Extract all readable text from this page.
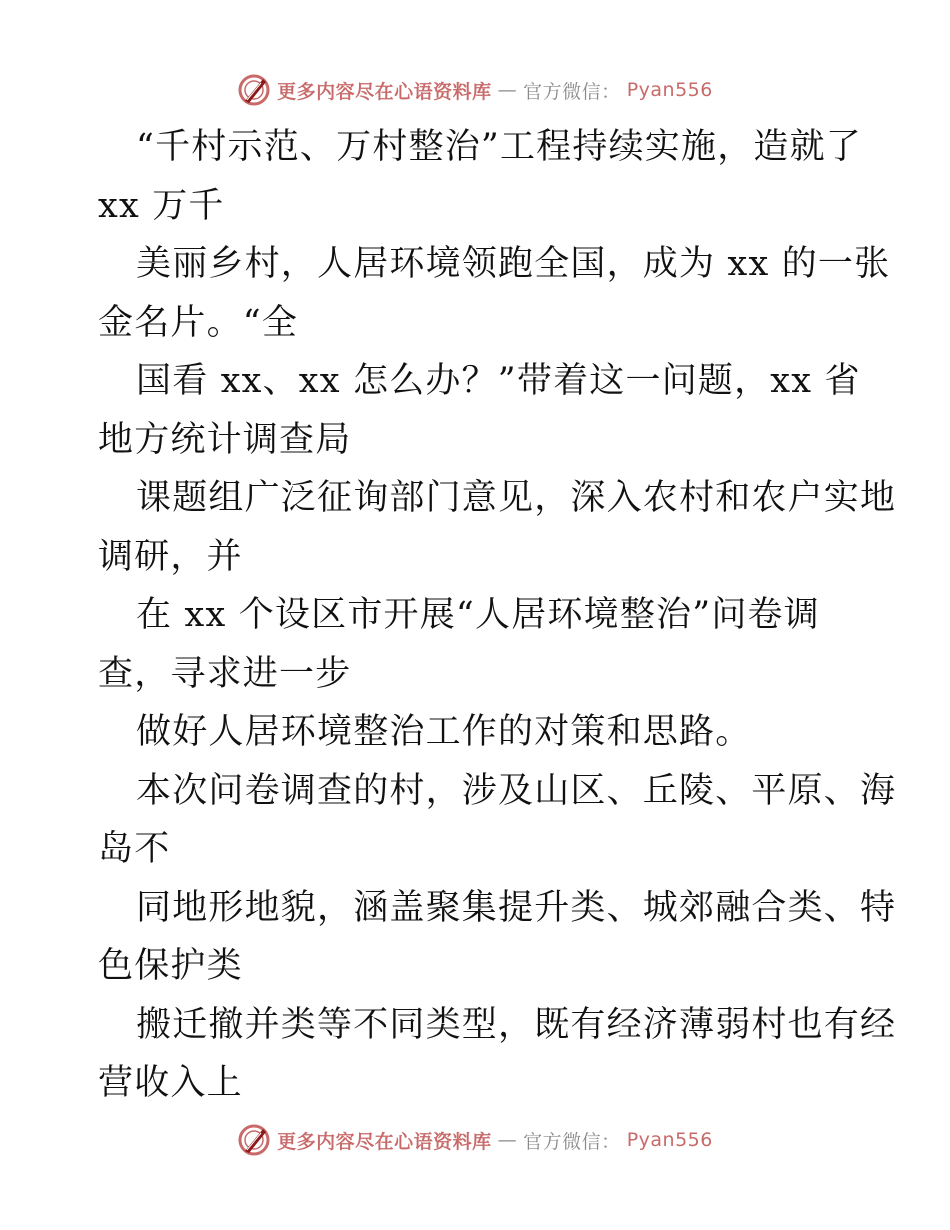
更多内容尽在心语资料库 — 官方微信： Pyan556
“千村示范、万村整治”工程持续实施，造就了
xx 万千
美丽乡村，人居环境领跑全国，成为 xx 的一张
金名片。“全
国看 xx、xx 怎么办？”带着这一问题，xx 省
地方统计调查局
课题组广泛征询部门意见，深入农村和农户实地
调研，并
在 xx 个设区市开展“人居环境整治”问卷调
查，寻求进一步
做好人居环境整治工作的对策和思路。
本次问卷调查的村，涉及山区、丘陵、平原、海
岛不
同地形地貌，涵盖聚集提升类、城郊融合类、特
色保护类
搬迁撤并类等不同类型，既有经济薄弱村也有经
营收入上
更多内容尽在心语资料库 — 官方微信： Pyan556
